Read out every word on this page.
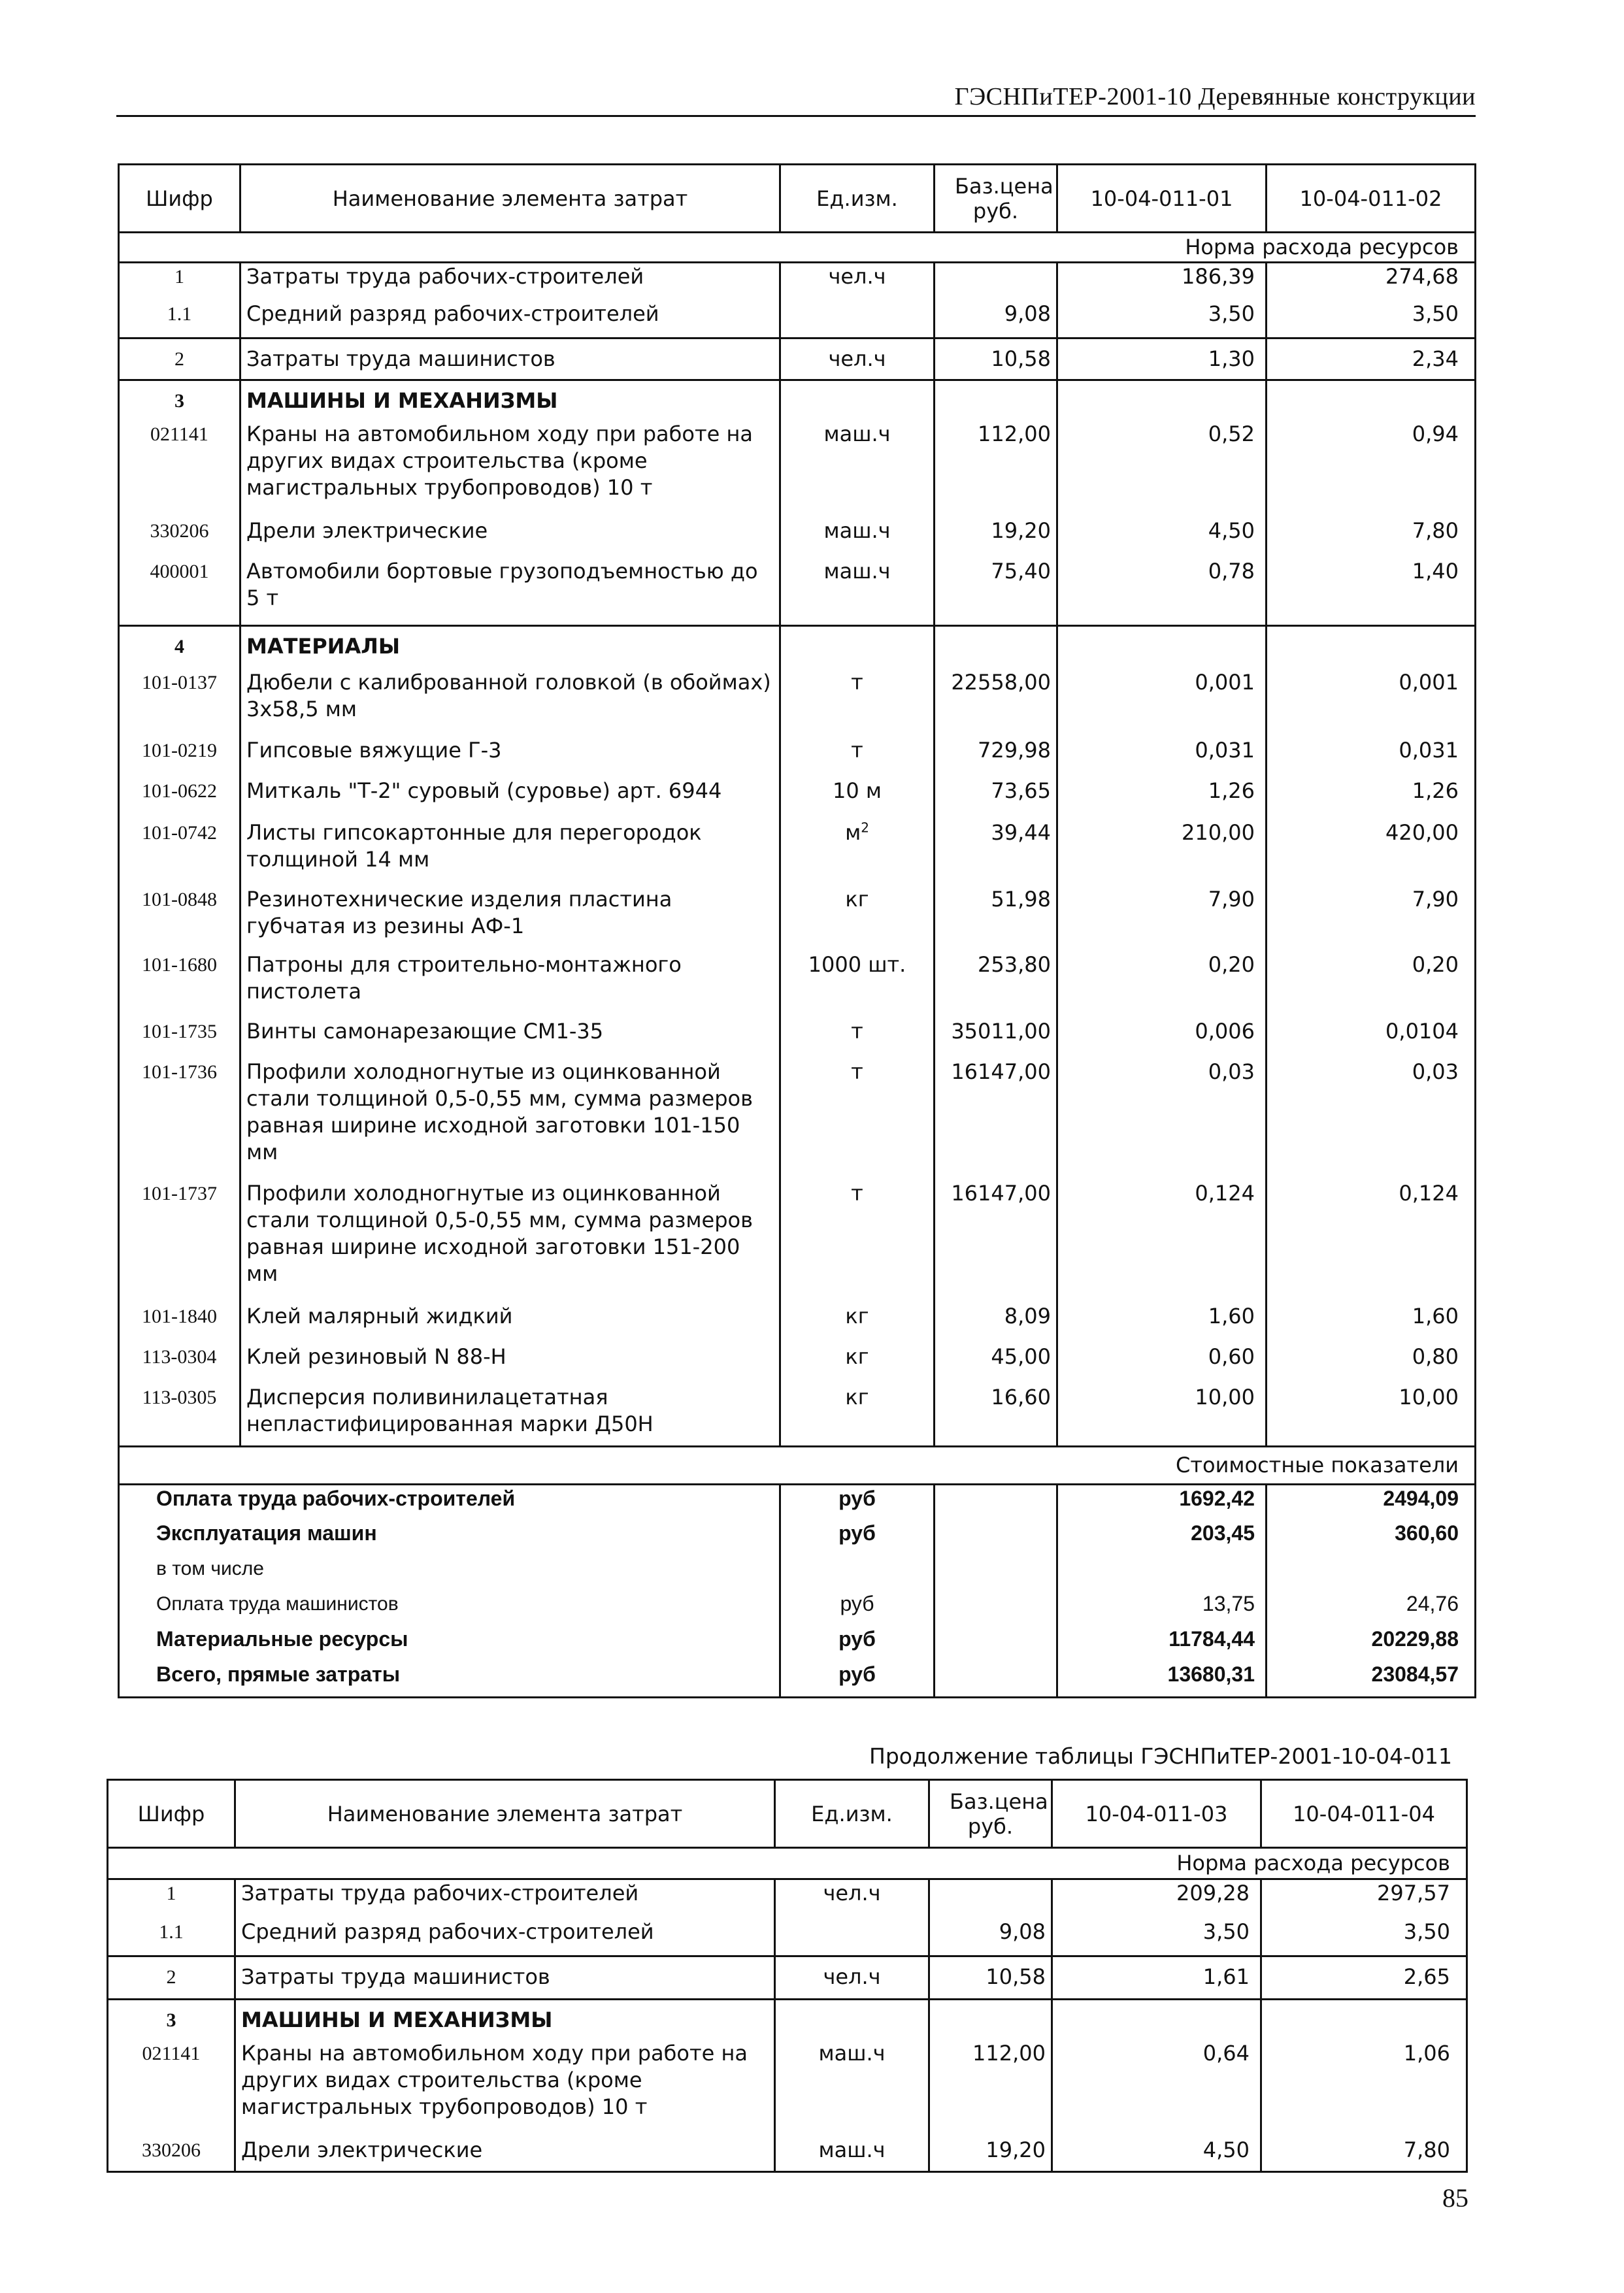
ГЭСНПиТЕР-2001-10 Деревянные конструкции
Шифр	Наименование элемента затрат	Ед.изм.	Баз.цена руб.	10-04-011-01	10-04-011-02
Норма расхода ресурсов					
1	Затраты труда рабочих-строителей	чел.ч		186,39	274,68
1.1	Средний разряд рабочих-строителей		9,08	3,50	3,50
2	Затраты труда машинистов	чел.ч	10,58	1,30	2,34
3	МАШИНЫ И МЕХАНИЗМЫ				
021141	Краны на автомобильном ходу при работе на других видах строительства (кроме магистральных трубопроводов) 10 т	маш.ч	112,00	0,52	0,94
330206	Дрели электрические	маш.ч	19,20	4,50	7,80
400001	Автомобили бортовые грузоподъемностью до 5 т	маш.ч	75,40	0,78	1,40
4	МАТЕРИАЛЫ				
101-0137	Дюбели с калиброванной головкой (в обоймах) 3х58,5 мм	т	22558,00	0,001	0,001
101-0219	Гипсовые вяжущие Г-3	т	729,98	0,031	0,031
101-0622	Миткаль "Т-2" суровый (суровье) арт. 6944	10 м	73,65	1,26	1,26
101-0742	Листы гипсокартонные для перегородок толщиной 14 мм	$м^2$	39,44	210,00	420,00
101-0848	Резинотехнические изделия пластина губчатая из резины АФ-1	кг	51,98	7,90	7,90
101-1680	Патроны для строительно-монтажного пистолета	1000 шт.	253,80	0,20	0,20
101-1735	Винты самонарезающие СМ1-35	т	35011,00	0,006	0,0104
101-1736	Профили холодногнутые из оцинкованной стали толщиной 0,5-0,55 мм, сумма размеров равная ширине исходной заготовки 101-150 мм	т	16147,00	0,03	0,03
101-1737	Профили холодногнутые из оцинкованной стали толщиной 0,5-0,55 мм, сумма размеров равная ширине исходной заготовки 151-200 мм	т	16147,00	0,124	0,124
101-1840	Клей малярный жидкий	кг	8,09	1,60	1,60
113-0304	Клей резиновый N 88-Н	кг	45,00	0,60	0,80
113-0305	Дисперсия поливинилацетатная непластифицированная марки Д50Н	кг	16,60	10,00	10,00
Стоимостные показатели					
Оплата труда рабочих-строителей		руб		1692,42	2494,09
Эксплуатация машин		руб		203,45	360,60
в том числе					
Оплата труда машинистов		руб		13,75	24,76
Материальные ресурсы		руб		11784,44	20229,88
Всего, прямые затраты		руб		13680,31	23084,57
Продолжение таблицы ГЭСНПиТЕР-2001-10-04-011
Шифр	Наименование элемента затрат	Ед.изм.	Баз.цена руб.	10-04-011-03	10-04-011-04
Норма расхода ресурсов					
1	Затраты труда рабочих-строителей	чел.ч		209,28	297,57
1.1	Средний разряд рабочих-строителей		9,08	3,50	3,50
2	Затраты труда машинистов	чел.ч	10,58	1,61	2,65
3	МАШИНЫ И МЕХАНИЗМЫ				
021141	Краны на автомобильном ходу при работе на других видах строительства (кроме магистральных трубопроводов) 10 т	маш.ч	112,00	0,64	1,06
330206	Дрели электрические	маш.ч	19,20	4,50	7,80
85
